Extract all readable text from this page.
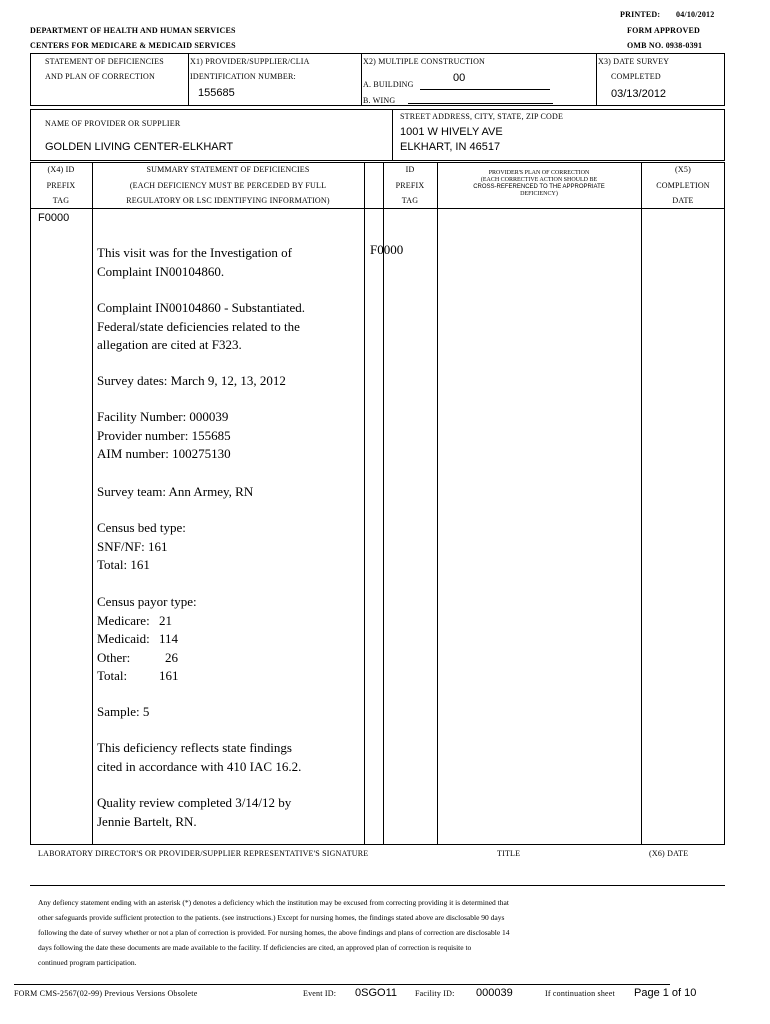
PRINTED: 04/10/2012
FORM APPROVED
OMB NO. 0938-0391
DEPARTMENT OF HEALTH AND HUMAN SERVICES
CENTERS FOR MEDICARE & MEDICAID SERVICES
STATEMENT OF DEFICIENCIES
AND PLAN OF CORRECTION
X1) PROVIDER/SUPPLIER/CLIA
IDENTIFICATION NUMBER:
155685
X2) MULTIPLE CONSTRUCTION
A. BUILDING
00
B. WING
X3) DATE SURVEY
COMPLETED
03/13/2012
NAME OF PROVIDER OR SUPPLIER
GOLDEN LIVING CENTER-ELKHART
STREET ADDRESS, CITY, STATE, ZIP CODE
1001 W HIVELY AVE
ELKHART, IN 46517
(X4) ID
PREFIX
TAG
SUMMARY STATEMENT OF DEFICIENCIES
(EACH DEFICIENCY MUST BE PERCEDED BY FULL
REGULATORY OR LSC IDENTIFYING INFORMATION)
ID
PREFIX
TAG
PROVIDER'S PLAN OF CORRECTION
(EACH CORRECTIVE ACTION SHOULD BE
CROSS-REFERENCED TO THE APPROPRIATE
DEFICIENCY)
(X5)
COMPLETION
DATE
F0000
F0000
This visit was for the Investigation of
Complaint IN00104860.
Complaint IN00104860 - Substantiated.
Federal/state deficiencies related to the
allegation are cited at F323.
Survey dates: March 9, 12, 13, 2012
Facility Number: 000039
Provider number: 155685
AIM number: 100275130
Survey team: Ann Armey, RN
Census bed type:
SNF/NF: 161
Total: 161
Census payor type:
Medicare: 21
Medicaid: 114
Other:	26
Total:	161
Sample: 5
This deficiency reflects state findings
cited in accordance with 410 IAC 16.2.
Quality review completed 3/14/12 by
Jennie Bartelt, RN.
LABORATORY DIRECTOR'S OR PROVIDER/SUPPLIER REPRESENTATIVE'S SIGNATURE	TITLE	(X6) DATE
Any defiency statement ending with an asterisk (*) denotes a deficiency which the institution may be excused from correcting providing it is determined that
other safeguards provide sufficient protection to the patients. (see instructions.) Except for nursing homes, the findings stated above are disclosable 90 days
following the date of survey whether or not a plan of correction is provided. For nursing homes, the above findings and plans of correction are disclosable 14
days following the date these documents are made available to the facility. If deficiencies are cited, an approved plan of correction is requisite to
continued program participation.
FORM CMS-2567(02-99) Previous Versions Obsolete	Event ID: 0SGO11 Facility ID: 000039	If continuation sheet Page 1 of 10
